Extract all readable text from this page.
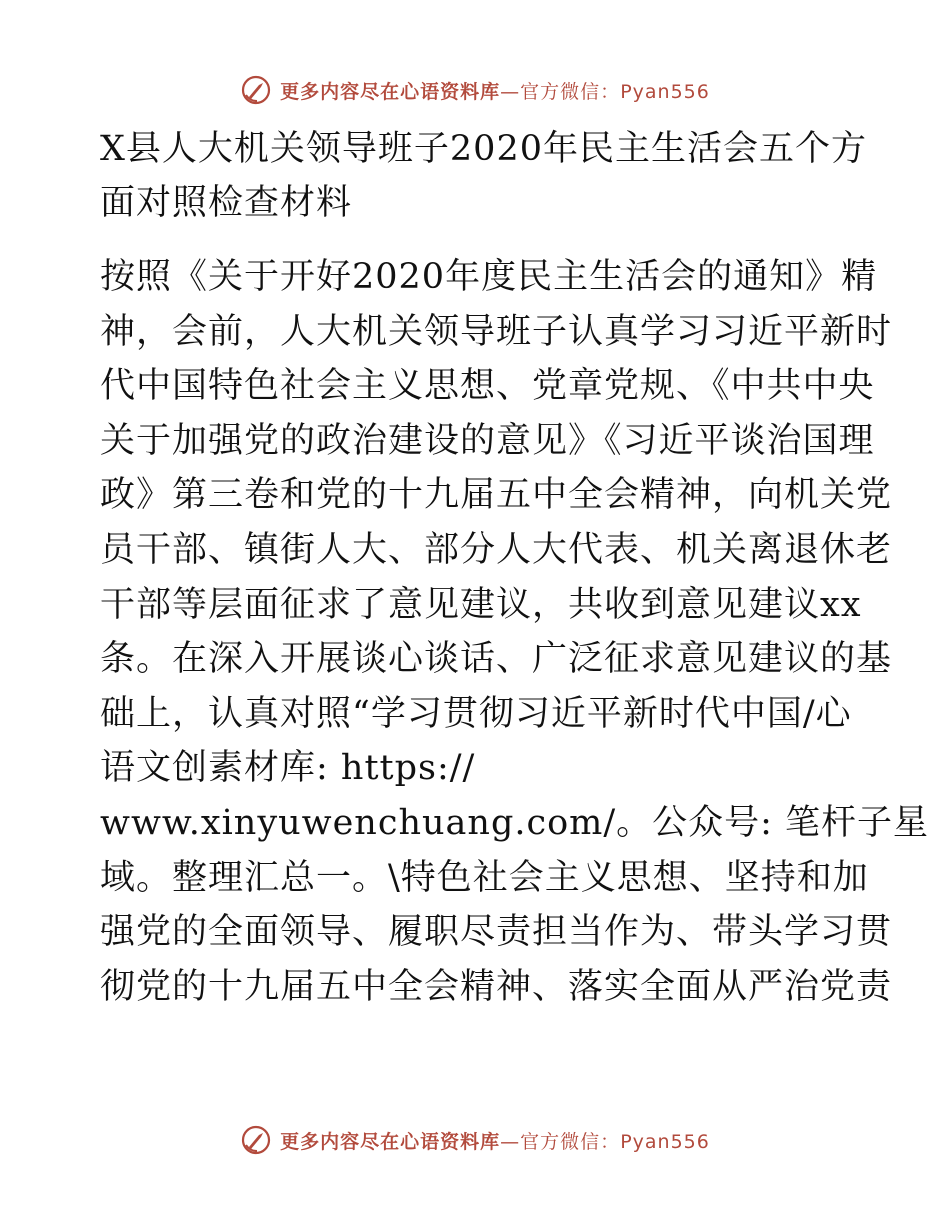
更多内容尽在心语资料库—官方微信：Pyan556
X县人大机关领导班子2020年民主生活会五个方
面对照检查材料
按照《关于开好2020年度民主生活会的通知》精
神，会前，人大机关领导班子认真学习习近平新时
代中国特色社会主义思想、党章党规、《中共中央
关于加强党的政治建设的意见》《习近平谈治国理
政》第三卷和党的十九届五中全会精神，向机关党
员干部、镇街人大、部分人大代表、机关离退休老
干部等层面征求了意见建议，共收到意见建议xx
条。在深入开展谈心谈话、广泛征求意见建议的基
础上，认真对照“学习贯彻习近平新时代中国/心
语文创素材库: https://
www.xinyuwenchuang.com/。公众号: 笔杆子星
域。整理汇总一。\特色社会主义思想、坚持和加
强党的全面领导、履职尽责担当作为、带头学习贯
彻党的十九届五中全会精神、落实全面从严治党责
更多内容尽在心语资料库—官方微信：Pyan556
